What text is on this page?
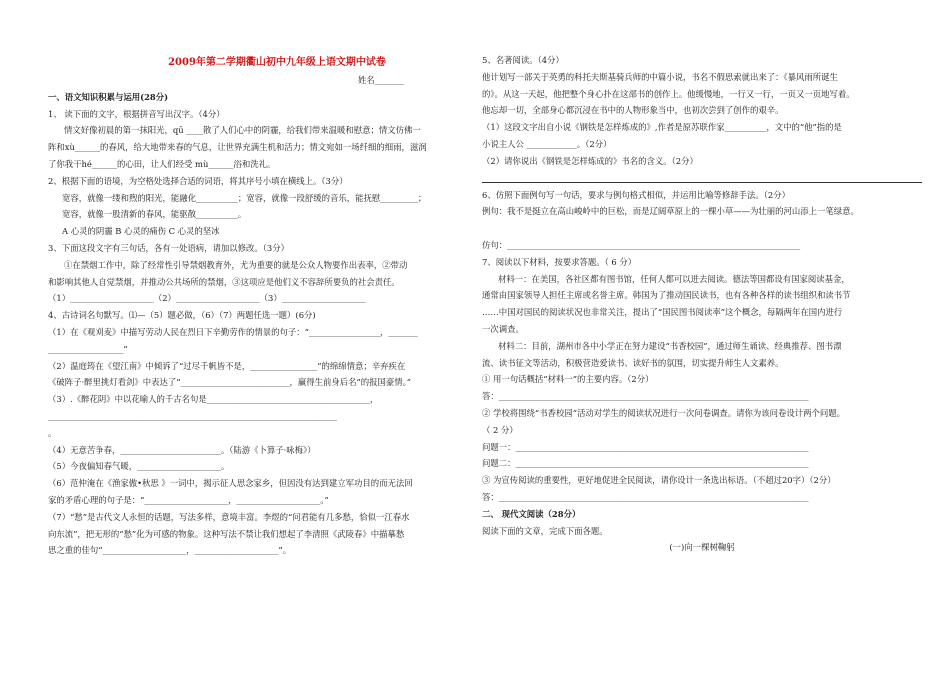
2009年第二学期衢山初中九年级上语文期中试卷

姓名_______

一、语文知识积累与运用(28分)

1、 读下面的文字，根据拼音写出汉字。（4分）

情文好像初晨的第一抹阳光，qū ____散了人们心中的阴霾，给我们带来温暖和慰意；情文仿佛一

阵和xù______的春风，给大地带来春的气息，让世界充满生机和活力；情文宛如一场纤细的细雨，滋润

了你我干hé______的心田，让人们经受 mù______浴和洗礼。

2、根据下面的语境，为空格处选择合适的词语，将其序号小填在横线上。（3分）

宽容，就像一缕和煦的阳光，能融化__________；宽容，就像一段舒缓的音乐，能抚慰_________；

宽容，就像一股清新的春风，能驱散__________。

A 心灵的阴霾 B 心灵的痛伤 C 心灵的坚冰

3、下面这段文字有三句话，各有一处语病，请加以修改。（3分）

①在禁烟工作中，除了经常性引导禁烟教育外，尤为重要的就是公众人物要作出表率，②带动

和影响其他人自觉禁烟，并推动公共场所的禁烟，③这项应是他们义不容辞所要负的社会责任。

（1）____________________（2）____________________（3）____________________

4、古诗词名句默写。⑴—（5）题必做，（6）（7）两题任选一题）(6分)

（1）在《观刈麦》中描写劳动人民在烈日下辛勤劳作的情景的句子：“_________________，_______

__________________”

（2）温庭筠在《望江南》中倾诉了“过尽千帆皆不是，________________”的绵绵情意；辛弃疾在

《破阵子·醉里挑灯看剑》中表达了“__________________________，赢得生前身后名”的报国豪情。”

（3）.《醉花阴》中以花喻人的千古名句是_______________________________________，

_____________________________________________________________________

。

（4）无意苦争春，________________________。（陆游《卜算子·咏梅》）

（5）今夜偏知春气暖，____________________。

（6）范仲淹在《渔家傲•秋思 》一词中，揭示征人思念家乡，但因没有达到建立军功目的而无法回

家的矛盾心理的句子是：“____________________，____________________。”

（7）“愁”是古代文人永恒的话题，写法多样，意境丰富。李煜的“问君能有几多愁，恰似一江春水

向东流”，把无形的“愁”化为可感的物象。这种写法不禁让我们想起了李清照《武陵春》中描摹愁

思之重的佳句“____________________，____________________”。

5、名著阅读。（4分）

他计划写一部关于英勇的科托夫斯基骑兵师的中篇小说，书名不假思索就出来了：《暴风雨所诞生

的》。从这一天起，他把整个身心扑在这部书的创作上。他缓慢地，一行又一行，一页又一页地写着。

他忘却一切，全部身心都沉浸在书中的人物形象当中，也初次尝到了创作的艰辛。

（1）这段文字出自小说《钢铁是怎样炼成的》,作者是原苏联作家__________，文中的“他”指的是

小说主人公 ____________。（2分）

（2）请你说出《钢铁是怎样炼成的》书名的含义。（2分）

6、仿照下面例句写一句话，要求与例句格式相似，并运用比喻等修辞手法。（2分）

例句：我不是挺立在高山峻岭中的巨松，而是辽阔草原上的一棵小草——为壮丽的河山添上一笔绿意。

仿句：______________________________________________________________________

7、阅读以下材料，按要求答题。（ 6 分）

材料一：在美国，各社区都有图书馆，任何人都可以进去阅读。德法等国都设有国家阅读基金，

通常由国家领导人担任主席或名誉主席。韩国为了推动国民读书，也有各种各样的读书组织和读书节

……中国对国民的阅读状况也非常关注，提出了“国民图书阅读率”这个概念，每隔两年在国内进行

一次调查。

材料二：目前，湖州市各中小学正在努力建设“书香校园”，通过师生诵读、经典推荐、图书漂

流、读书征文等活动，积极营造爱读书、读好书的氛围，切实提升师生人文素养。

① 用一句话概括“材料一”的主要内容。（2分）

答：__________________________________________________________________________

② 学校将围绕“书香校园”活动对学生的阅读状况进行一次问卷调查。请你为该问卷设计两个问题。

（ 2 分）

问题一：______________________________________________________________________

问题二：______________________________________________________________________

③ 为宣传阅读的重要性，更好地促进全民阅读，请你设计一条选出标语。（不超过20字）（2分）

答：__________________________________________________________________________

二、 现代文阅读（28分）

阅读下面的文章，完成下面各题。

(一)向一棵树鞠躬
